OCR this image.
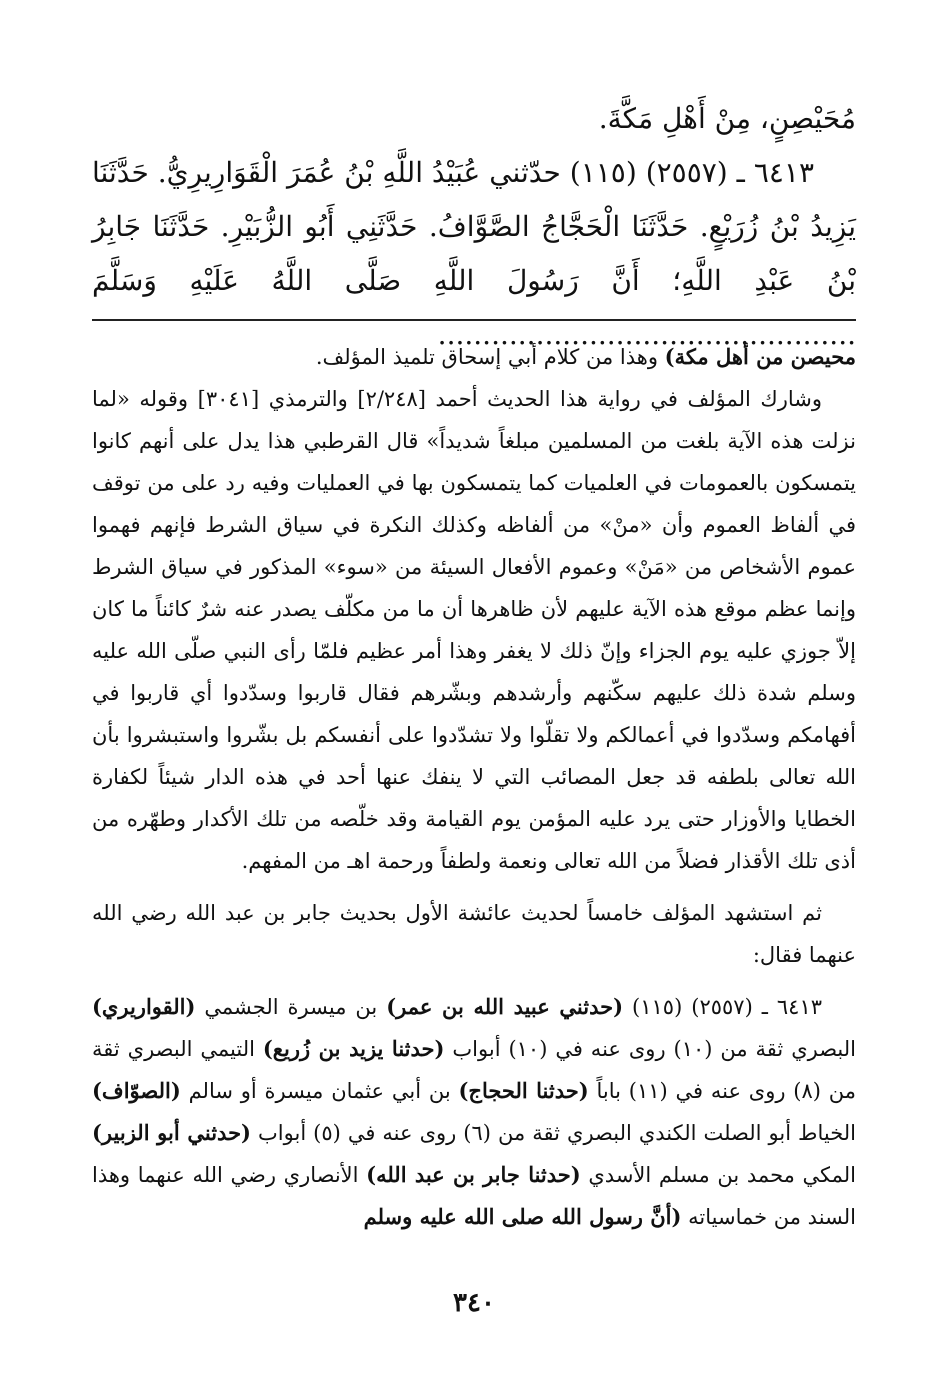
مُحَيْصِنٍ، مِنْ أَهْلِ مَكَّةَ.

٦٤١٣ ـ (٢٥٥٧) (١١٥) حدّثني عُبَيْدُ اللَّهِ بْنُ عُمَرَ الْقَوَارِيرِيُّ. حَدَّثَنَا يَزِيدُ بْنُ زُرَيْعٍ. حَدَّثَنَا الْحَجَّاجُ الصَّوَّافُ. حَدَّثَنِي أَبُو الزُّبَيْرِ. حَدَّثَنَا جَابِرُ بْنُ عَبْدِ اللَّهِ؛ أَنَّ رَسُولَ اللَّهِ صَلَّى اللَّهُ عَلَيْهِ وَسَلَّمَ ...............................................

محيصن من أهل مكة) وهذا من كلام أبي إسحاق تلميذ المؤلف.

وشارك المؤلف في رواية هذا الحديث أحمد [٢/٢٤٨] والترمذي [٣٠٤١] وقوله «لما نزلت هذه الآية بلغت من المسلمين مبلغاً شديداً» قال القرطبي هذا يدل على أنهم كانوا يتمسكون بالعمومات في العلميات كما يتمسكون بها في العمليات وفيه رد على من توقف في ألفاظ العموم وأن «منْ» من ألفاظه وكذلك النكرة في سياق الشرط فإنهم فهموا عموم الأشخاص من «مَنْ» وعموم الأفعال السيئة من «سوء» المذكور في سياق الشرط وإنما عظم موقع هذه الآية عليهم لأن ظاهرها أن ما من مكلّف يصدر عنه شرٌ كائناً ما كان إلاّ جوزي عليه يوم الجزاء وإنّ ذلك لا يغفر وهذا أمر عظيم فلمّا رأى النبي صلّى الله عليه وسلم شدة ذلك عليهم سكّنهم وأرشدهم وبشّرهم فقال قاربوا وسدّدوا أي قاربوا في أفهامكم وسدّدوا في أعمالكم ولا تقلّوا ولا تشدّدوا على أنفسكم بل بشّروا واستبشروا بأن الله تعالى بلطفه قد جعل المصائب التي لا ينفك عنها أحد في هذه الدار شيئاً لكفارة الخطايا والأوزار حتى يرد عليه المؤمن يوم القيامة وقد خلّصه من تلك الأكدار وطهّره من أذى تلك الأقذار فضلاً من الله تعالى ونعمة ولطفاً ورحمة اهـ من المفهم.

ثم استشهد المؤلف خامساً لحديث عائشة الأول بحديث جابر بن عبد الله رضي الله عنهما فقال:

٦٤١٣ ـ (٢٥٥٧) (١١٥) (حدثني عبيد الله بن عمر) بن ميسرة الجشمي (القواريري) البصري ثقة من (١٠) روى عنه في (١٠) أبواب (حدثنا يزيد بن زُريع) التيمي البصري ثقة من (٨) روى عنه في (١١) باباً (حدثنا الحجاج) بن أبي عثمان ميسرة أو سالم (الصوّاف) الخياط أبو الصلت الكندي البصري ثقة من (٦) روى عنه في (٥) أبواب (حدثني أبو الزبير) المكي محمد بن مسلم الأسدي (حدثنا جابر بن عبد الله) الأنصاري رضي الله عنهما وهذا السند من خماسياته (أنَّ رسول الله صلى الله عليه وسلم

٣٤٠
